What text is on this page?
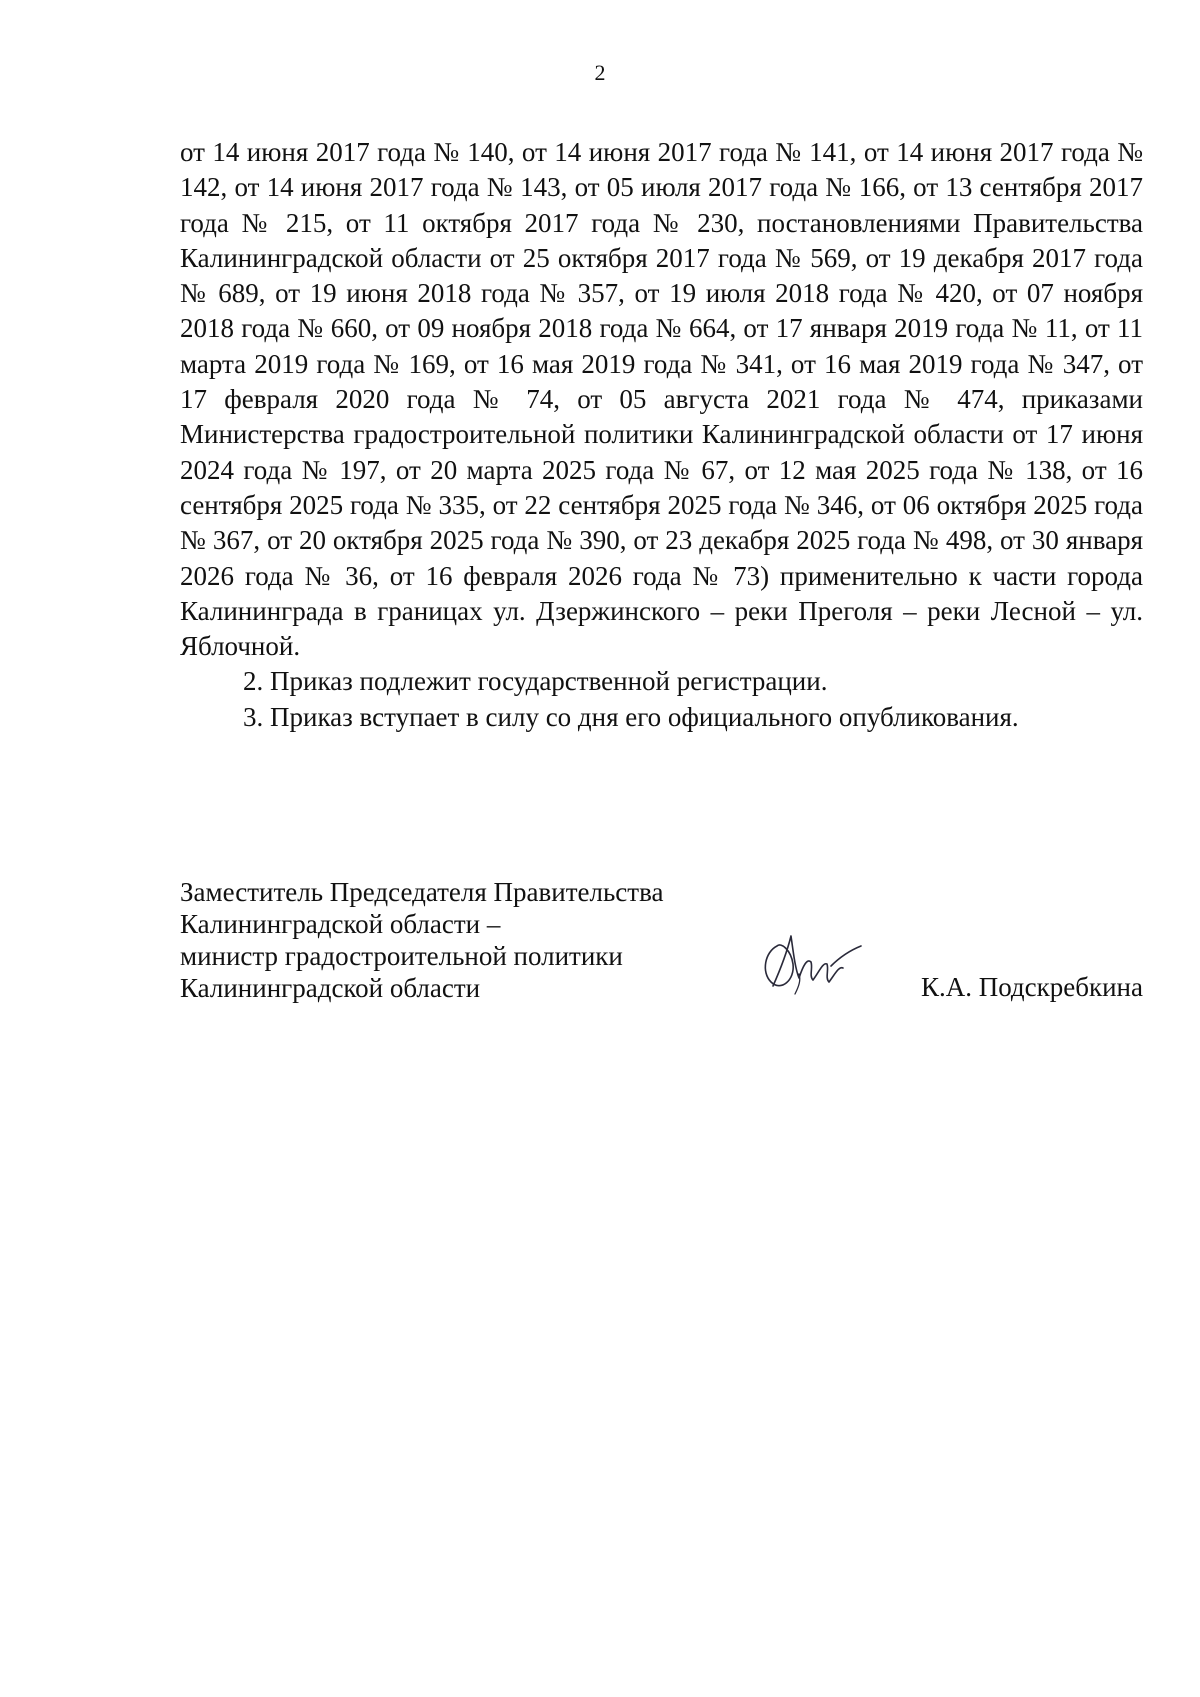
2

от 14 июня 2017 года № 140, от 14 июня 2017 года № 141, от 14 июня 2017 года № 142, от 14 июня 2017 года № 143, от 05 июля 2017 года № 166, от 13 сентября 2017 года № 215, от 11 октября 2017 года № 230, постановлениями Правительства Калининградской области от 25 октября 2017 года № 569, от 19 декабря 2017 года № 689, от 19 июня 2018 года № 357, от 19 июля 2018 года № 420, от 07 ноября 2018 года № 660, от 09 ноября 2018 года № 664, от 17 января 2019 года № 11, от 11 марта 2019 года № 169, от 16 мая 2019 года № 341, от 16 мая 2019 года № 347, от 17 февраля 2020 года № 74, от 05 августа 2021 года № 474, приказами Министерства градостроительной политики Калининградской области от 17 июня 2024 года № 197, от 20 марта 2025 года № 67, от 12 мая 2025 года № 138, от 16 сентября 2025 года № 335, от 22 сентября 2025 года № 346, от 06 октября 2025 года № 367, от 20 октября 2025 года № 390, от 23 декабря 2025 года № 498, от 30 января 2026 года № 36, от 16 февраля 2026 года № 73) применительно к части города Калининграда в границах ул. Дзержинского – реки Преголя – реки Лесной – ул. Яблочной.

2. Приказ подлежит государственной регистрации.

3. Приказ вступает в силу со дня его официального опубликования.

Заместитель Председателя Правительства
Калининградской области –
министр градостроительной политики
Калининградской области	К.А. Подскребкина
